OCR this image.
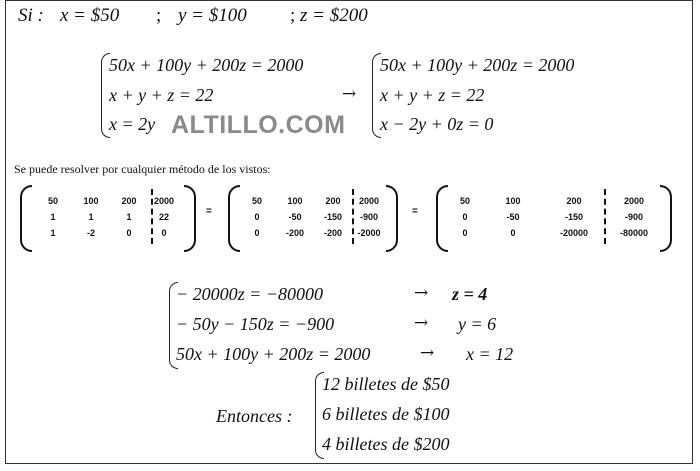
Si : x = $50 ; y = $100 ; z = $200
50x + 100y + 200z = 2000
x + y + z = 22
x = 2y ALTILLO.COM
→
50x + 100y + 200z = 2000
x + y + z = 22
x − 2y + 0z = 0
Se puede resolver por cualquier método de los vistos:
50	100	200	2000
1	1	1	22
1	-2	0	0
=
50	100	200	2000
0	-50	-150	-900
0	-200	-200	-2000
=
50	100	200	2000
0	-50	-150	-900
0	0	-20000	-80000
− 20000z = −80000	→ z = 4
− 50y − 150z = −900	→ y = 6
50x + 100y + 200z = 2000	→ x = 12
Entonces :
12 billetes de $50
6 billetes de $100
4 billetes de $200
